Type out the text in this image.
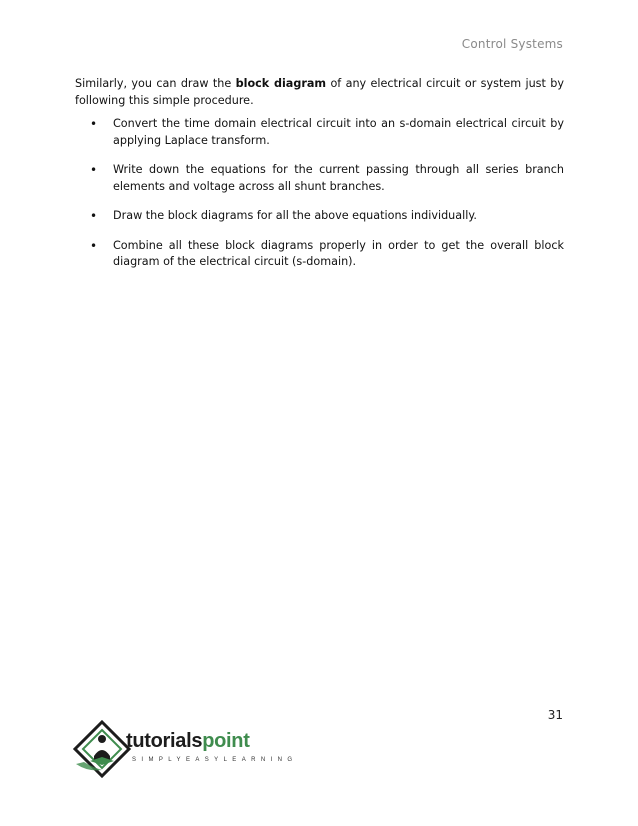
Control Systems

Similarly, you can draw the block diagram of any electrical circuit or system just by following this simple procedure.

• Convert the time domain electrical circuit into an s-domain electrical circuit by applying Laplace transform.
• Write down the equations for the current passing through all series branch elements and voltage across all shunt branches.
• Draw the block diagrams for all the above equations individually.
• Combine all these block diagrams properly in order to get the overall block diagram of the electrical circuit (s-domain).
31
tutorialspoint
SIMPLYEASYLEARNING
